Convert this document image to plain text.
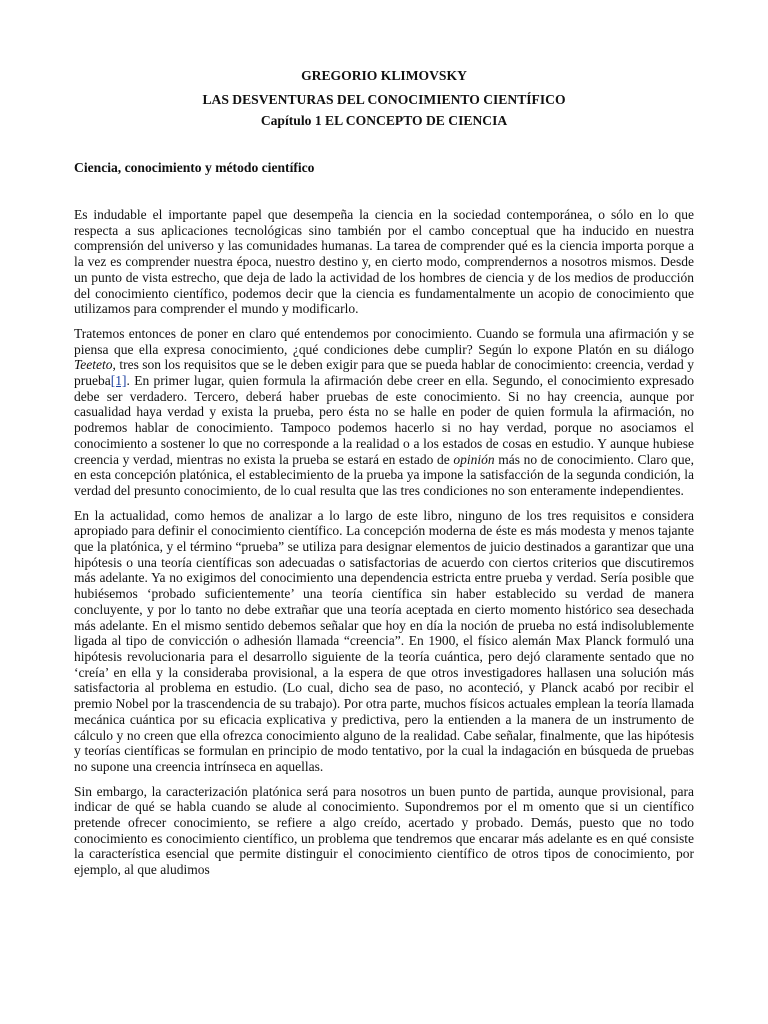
GREGORIO KLIMOVSKY

LAS DESVENTURAS DEL CONOCIMIENTO CIENTÍFICO

Capítulo 1 EL CONCEPTO DE CIENCIA

Ciencia, conocimiento y método científico

Es indudable el importante papel que desempeña la ciencia en la sociedad contemporánea, o sólo en lo que respecta a sus aplicaciones tecnológicas sino también por el cambo conceptual que ha inducido en nuestra comprensión del universo y las comunidades humanas. La tarea de comprender qué es la ciencia importa porque a la vez es comprender nuestra época, nuestro destino y, en cierto modo, comprendernos a nosotros mismos. Desde un punto de vista estrecho, que deja de lado la actividad de los hombres de ciencia y de los medios de producción del conocimiento científico, podemos decir que la ciencia es fundamentalmente un acopio de conocimiento que utilizamos para comprender el mundo y modificarlo.

Tratemos entonces de poner en claro qué entendemos por conocimiento. Cuando se formula una afirmación y se piensa que ella expresa conocimiento, ¿qué condiciones debe cumplir? Según lo expone Platón en su diálogo Teeteto, tres son los requisitos que se le deben exigir para que se pueda hablar de conocimiento: creencia, verdad y prueba[1]. En primer lugar, quien formula la afirmación debe creer en ella. Segundo, el conocimiento expresado debe ser verdadero. Tercero, deberá haber pruebas de este conocimiento. Si no hay creencia, aunque por casualidad haya verdad y exista la prueba, pero ésta no se halle en poder de quien formula la afirmación, no podremos hablar de conocimiento. Tampoco podemos hacerlo si no hay verdad, porque no asociamos el conocimiento a sostener lo que no corresponde a la realidad o a los estados de cosas en estudio. Y aunque hubiese creencia y verdad, mientras no exista la prueba se estará en estado de opinión más no de conocimiento. Claro que, en esta concepción platónica, el establecimiento de la prueba ya impone la satisfacción de la segunda condición, la verdad del presunto conocimiento, de lo cual resulta que las tres condiciones no son enteramente independientes.

En la actualidad, como hemos de analizar a lo largo de este libro, ninguno de los tres requisitos e considera apropiado para definir el conocimiento científico. La concepción moderna de éste es más modesta y menos tajante que la platónica, y el término “prueba” se utiliza para designar elementos de juicio destinados a garantizar que una hipótesis o una teoría científicas son adecuadas o satisfactorias de acuerdo con ciertos criterios que discutiremos más adelante. Ya no exigimos del conocimiento una dependencia estricta entre prueba y verdad. Sería posible que hubiésemos ‘probado suficientemente’ una teoría científica sin haber establecido su verdad de manera concluyente, y por lo tanto no debe extrañar que una teoría aceptada en cierto momento histórico sea desechada más adelante. En el mismo sentido debemos señalar que hoy en día la noción de prueba no está indisolublemente ligada al tipo de convicción o adhesión llamada “creencia”. En 1900, el físico alemán Max Planck formuló una hipótesis revolucionaria para el desarrollo siguiente de la teoría cuántica, pero dejó claramente sentado que no ‘creía’ en ella y la consideraba provisional, a la espera de que otros investigadores hallasen una solución más satisfactoria al problema en estudio. (Lo cual, dicho sea de paso, no aconteció, y Planck acabó por recibir el premio Nobel por la trascendencia de su trabajo). Por otra parte, muchos físicos actuales emplean la teoría llamada mecánica cuántica por su eficacia explicativa y predictiva, pero la entienden a la manera de un instrumento de cálculo y no creen que ella ofrezca conocimiento alguno de la realidad. Cabe señalar, finalmente, que las hipótesis y teorías científicas se formulan en principio de modo tentativo, por la cual la indagación en búsqueda de pruebas no supone una creencia intrínseca en aquellas.

Sin embargo, la caracterización platónica será para nosotros un buen punto de partida, aunque provisional, para indicar de qué se habla cuando se alude al conocimiento. Supondremos por el m omento que si un científico pretende ofrecer conocimiento, se refiere a algo creído, acertado y probado. Demás, puesto que no todo conocimiento es conocimiento científico, un problema que tendremos que encarar más adelante es en qué consiste la característica esencial que permite distinguir el conocimiento científico de otros tipos de conocimiento, por ejemplo, al que aludimos
